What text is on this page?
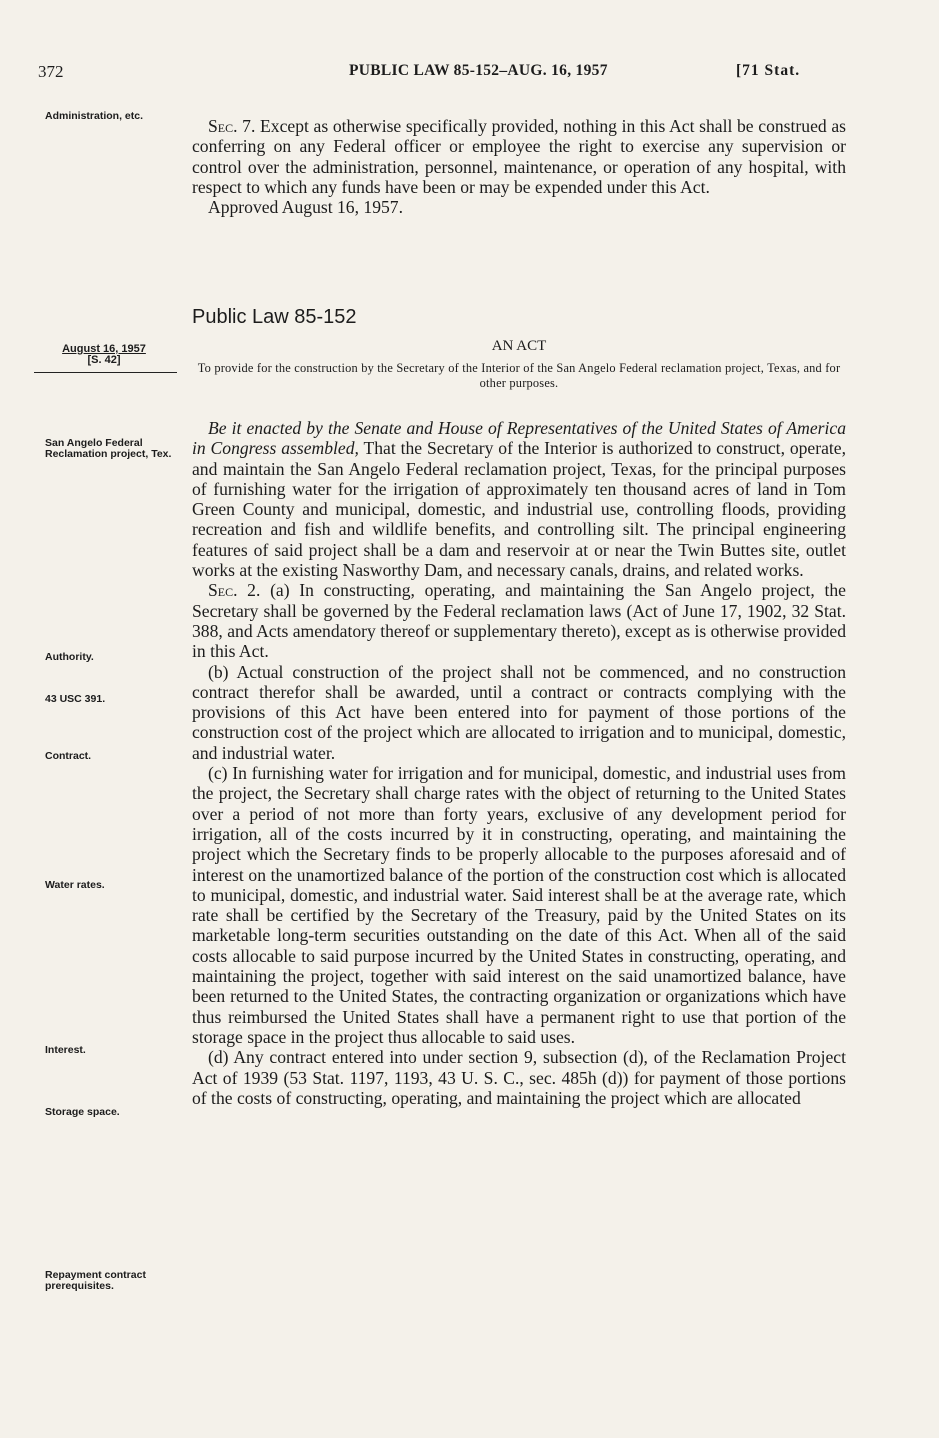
372	PUBLIC LAW 85-152–AUG. 16, 1957	[71 Stat.
Administration, etc.
August 16, 1957
[S. 42]
San Angelo Federal Reclamation project, Tex.
Authority.
43 USC 391.
Contract.
Water rates.
Interest.
Storage space.
Repayment contract prerequisites.

Sec. 7. Except as otherwise specifically provided, nothing in this Act shall be construed as conferring on any Federal officer or employee the right to exercise any supervision or control over the administration, personnel, maintenance, or operation of any hospital, with respect to which any funds have been or may be expended under this Act.

Approved August 16, 1957.

Public Law 85-152
AN ACT
To provide for the construction by the Secretary of the Interior of the San Angelo Federal reclamation project, Texas, and for other purposes.

Be it enacted by the Senate and House of Representatives of the United States of America in Congress assembled, That the Secretary of the Interior is authorized to construct, operate, and maintain the San Angelo Federal reclamation project, Texas, for the principal purposes of furnishing water for the irrigation of approximately ten thousand acres of land in Tom Green County and municipal, domestic, and industrial use, controlling floods, providing recreation and fish and wildlife benefits, and controlling silt. The principal engineering features of said project shall be a dam and reservoir at or near the Twin Buttes site, outlet works at the existing Nasworthy Dam, and necessary canals, drains, and related works.

Sec. 2. (a) In constructing, operating, and maintaining the San Angelo project, the Secretary shall be governed by the Federal reclamation laws (Act of June 17, 1902, 32 Stat. 388, and Acts amendatory thereof or supplementary thereto), except as is otherwise provided in this Act.

(b) Actual construction of the project shall not be commenced, and no construction contract therefor shall be awarded, until a contract or contracts complying with the provisions of this Act have been entered into for payment of those portions of the construction cost of the project which are allocated to irrigation and to municipal, domestic, and industrial water.

(c) In furnishing water for irrigation and for municipal, domestic, and industrial uses from the project, the Secretary shall charge rates with the object of returning to the United States over a period of not more than forty years, exclusive of any development period for irrigation, all of the costs incurred by it in constructing, operating, and maintaining the project which the Secretary finds to be properly allocable to the purposes aforesaid and of interest on the unamortized balance of the portion of the construction cost which is allocated to municipal, domestic, and industrial water. Said interest shall be at the average rate, which rate shall be certified by the Secretary of the Treasury, paid by the United States on its marketable long-term securities outstanding on the date of this Act. When all of the said costs allocable to said purpose incurred by the United States in constructing, operating, and maintaining the project, together with said interest on the said unamortized balance, have been returned to the United States, the contracting organization or organizations which have thus reimbursed the United States shall have a permanent right to use that portion of the storage space in the project thus allocable to said uses.

(d) Any contract entered into under section 9, subsection (d), of the Reclamation Project Act of 1939 (53 Stat. 1197, 1193, 43 U. S. C., sec. 485h (d)) for payment of those portions of the costs of constructing, operating, and maintaining the project which are allocated
